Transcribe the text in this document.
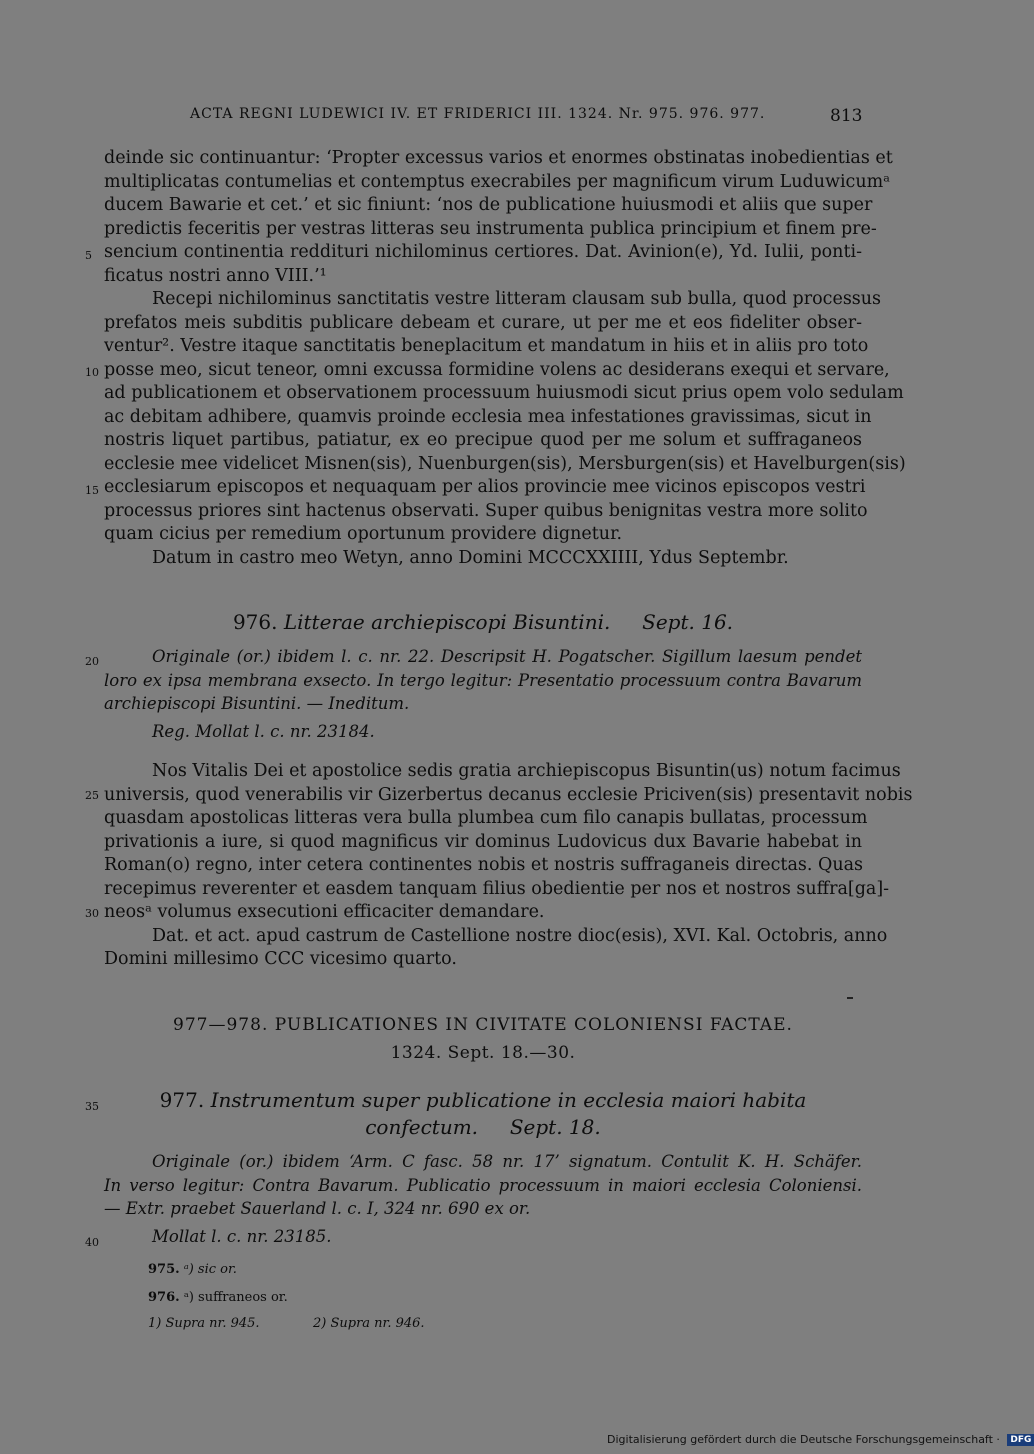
ACTA REGNI LUDEWICI IV. ET FRIDERICI III. 1324. Nr. 975. 976. 977.	813
deinde sic continuantur: ‘Propter excessus varios et enormes obstinatas inobedientias et
multiplicatas contumelias et contemptus execrabiles per magnificum virum Luduwicumᵃ
ducem Bawarie et cet.’ et sic finiunt: ‘nos de publicatione huiusmodi et aliis que super
predictis feceritis per vestras litteras seu instrumenta publica principium et finem pre-
sencium continentia reddituri nichilominus certiores. Dat. Avinion(e), Yd. Iulii, ponti-
ficatus nostri anno VIII.’¹
Recepi nichilominus sanctitatis vestre litteram clausam sub bulla, quod processus
prefatos meis subditis publicare debeam et curare, ut per me et eos fideliter obser-
ventur². Vestre itaque sanctitatis beneplacitum et mandatum in hiis et in aliis pro toto
posse meo, sicut teneor, omni excussa formidine volens ac desiderans exequi et servare,
ad publicationem et observationem processuum huiusmodi sicut prius opem volo sedulam
ac debitam adhibere, quamvis proinde ecclesia mea infestationes gravissimas, sicut in
nostris liquet partibus, patiatur, ex eo precipue quod per me solum et suffraganeos
ecclesie mee videlicet Misnen(sis), Nuenburgen(sis), Mersburgen(sis) et Havelburgen(sis)
ecclesiarum episcopos et nequaquam per alios provincie mee vicinos episcopos vestri
processus priores sint hactenus observati. Super quibus benignitas vestra more solito
quam cicius per remedium oportunum providere dignetur.
Datum in castro meo Wetyn, anno Domini MCCCXXIIII, Ydus Septembr.
976. Litterae archiepiscopi Bisuntini. Sept. 16.
Originale (or.) ibidem l. c. nr. 22. Descripsit H. Pogatscher. Sigillum laesum pendet
loro ex ipsa membrana exsecto. In tergo legitur: Presentatio processuum contra Bavarum
archiepiscopi Bisuntini. — Ineditum.
Reg. Mollat l. c. nr. 23184.
Nos Vitalis Dei et apostolice sedis gratia archiepiscopus Bisuntin(us) notum facimus
universis, quod venerabilis vir Gizerbertus decanus ecclesie Priciven(sis) presentavit nobis
quasdam apostolicas litteras vera bulla plumbea cum filo canapis bullatas, processum
privationis a iure, si quod magnificus vir dominus Ludovicus dux Bavarie habebat in
Roman(o) regno, inter cetera continentes nobis et nostris suffraganeis directas. Quas
recepimus reverenter et easdem tanquam filius obedientie per nos et nostros suffra[ga]-
neosᵃ volumus exsecutioni efficaciter demandare.
Dat. et act. apud castrum de Castellione nostre dioc(esis), XVI. Kal. Octobris, anno
Domini millesimo CCC vicesimo quarto.
977—978. PUBLICATIONES IN CIVITATE COLONIENSI FACTAE.
1324. Sept. 18.—30.
977. Instrumentum super publicatione in ecclesia maiori habita
confectum. Sept. 18.
Originale (or.) ibidem ‘Arm. C fasc. 58 nr. 17’ signatum. Contulit K. H. Schäfer.
In verso legitur: Contra Bavarum. Publicatio processuum in maiori ecclesia Coloniensi.
— Extr. praebet Sauerland l. c. I, 324 nr. 690 ex or.
Mollat l. c. nr. 23185.
975. ᵃ) sic or.
976. ᵃ) suffraneos or.
1) Supra nr. 945.	2) Supra nr. 946.
5
10
15
20
25
30
35
40
Digitalisierung gefördert durch die Deutsche Forschungsgemeinschaft · DFG
